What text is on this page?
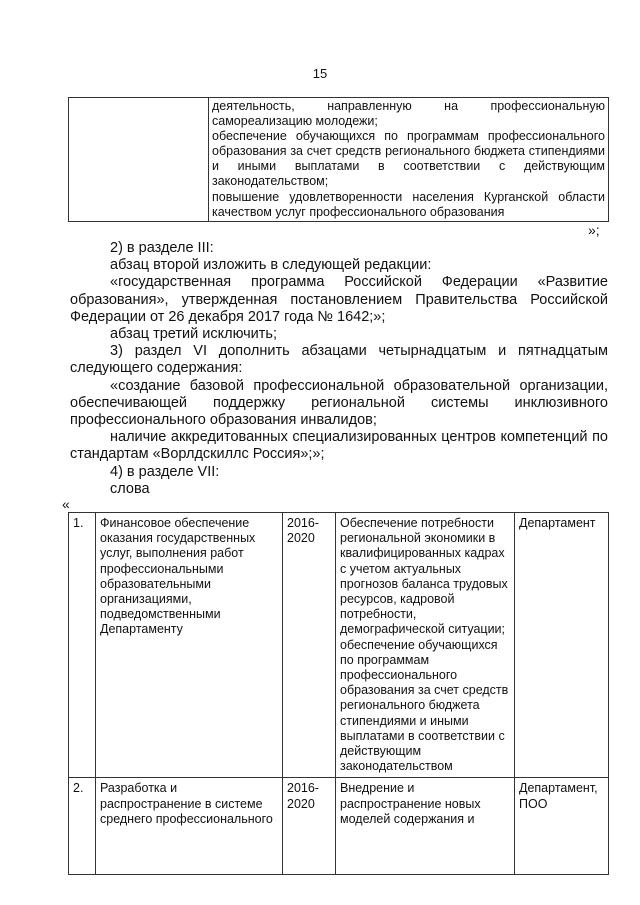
15

деятельность, направленную на профессиональную самореализацию молодежи;
обеспечение обучающихся по программам профессионального образования за счет средств регионального бюджета стипендиями и иными выплатами в соответствии с действующим законодательством;
повышение удовлетворенности населения Курганской области качеством услуг профессионального образования
»;

2) в разделе III:

абзац второй изложить в следующей редакции:

«государственная программа Российской Федерации «Развитие образования», утвержденная постановлением Правительства Российской Федерации от 26 декабря 2017 года № 1642;»;

абзац третий исключить;

3) раздел VI дополнить абзацами четырнадцатым и пятнадцатым следующего содержания:

«создание базовой профессиональной образовательной организации, обеспечивающей поддержку региональной системы инклюзивного профессионального образования инвалидов;

наличие аккредитованных специализированных центров компетенций по стандартам «Ворлдскиллс Россия»;»;

4) в разделе VII:

слова

«
1.	Финансовое обеспечение оказания государственных услуг, выполнения работ профессиональными образовательными организациями, подведомственными Департаменту	2016-2020	Обеспечение потребности региональной экономики в квалифицированных кадрах с учетом актуальных прогнозов баланса трудовых ресурсов, кадровой потребности, демографической ситуации; обеспечение обучающихся по программам профессионального образования за счет средств регионального бюджета стипендиями и иными выплатами в соответствии с действующим законодательством	Департамент
2.	Разработка и распространение в системе среднего профессионального	2016-2020	Внедрение и распространение новых моделей содержания и	Департамент, ПОО
